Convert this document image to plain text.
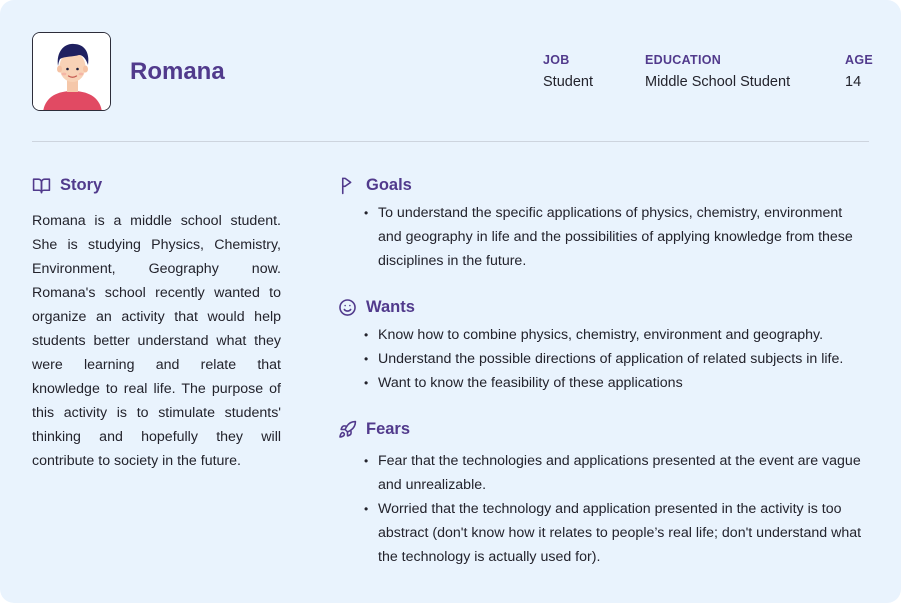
Romana	JOB
Student
EDUCATION
Middle School Student
AGE
14
Story

Romana is a middle school student. She is studying Physics, Chemistry, Environment, Geography now. Romana's school recently wanted to organize an activity that would help students better understand what they were learning and relate that knowledge to real life. The purpose of this activity is to stimulate students' thinking and hopefully they will contribute to society in the future.

Goals
• To understand the specific applications of physics, chemistry, environment and geography in life and the possibilities of applying knowledge from these disciplines in the future.
Wants
• Know how to combine physics, chemistry, environment and geography.
• Understand the possible directions of application of related subjects in life.
• Want to know the feasibility of these applications
Fears
• Fear that the technologies and applications presented at the event are vague and unrealizable.
• Worried that the technology and application presented in the activity is too abstract (don't know how it relates to people’s real life; don't understand what the technology is actually used for).
